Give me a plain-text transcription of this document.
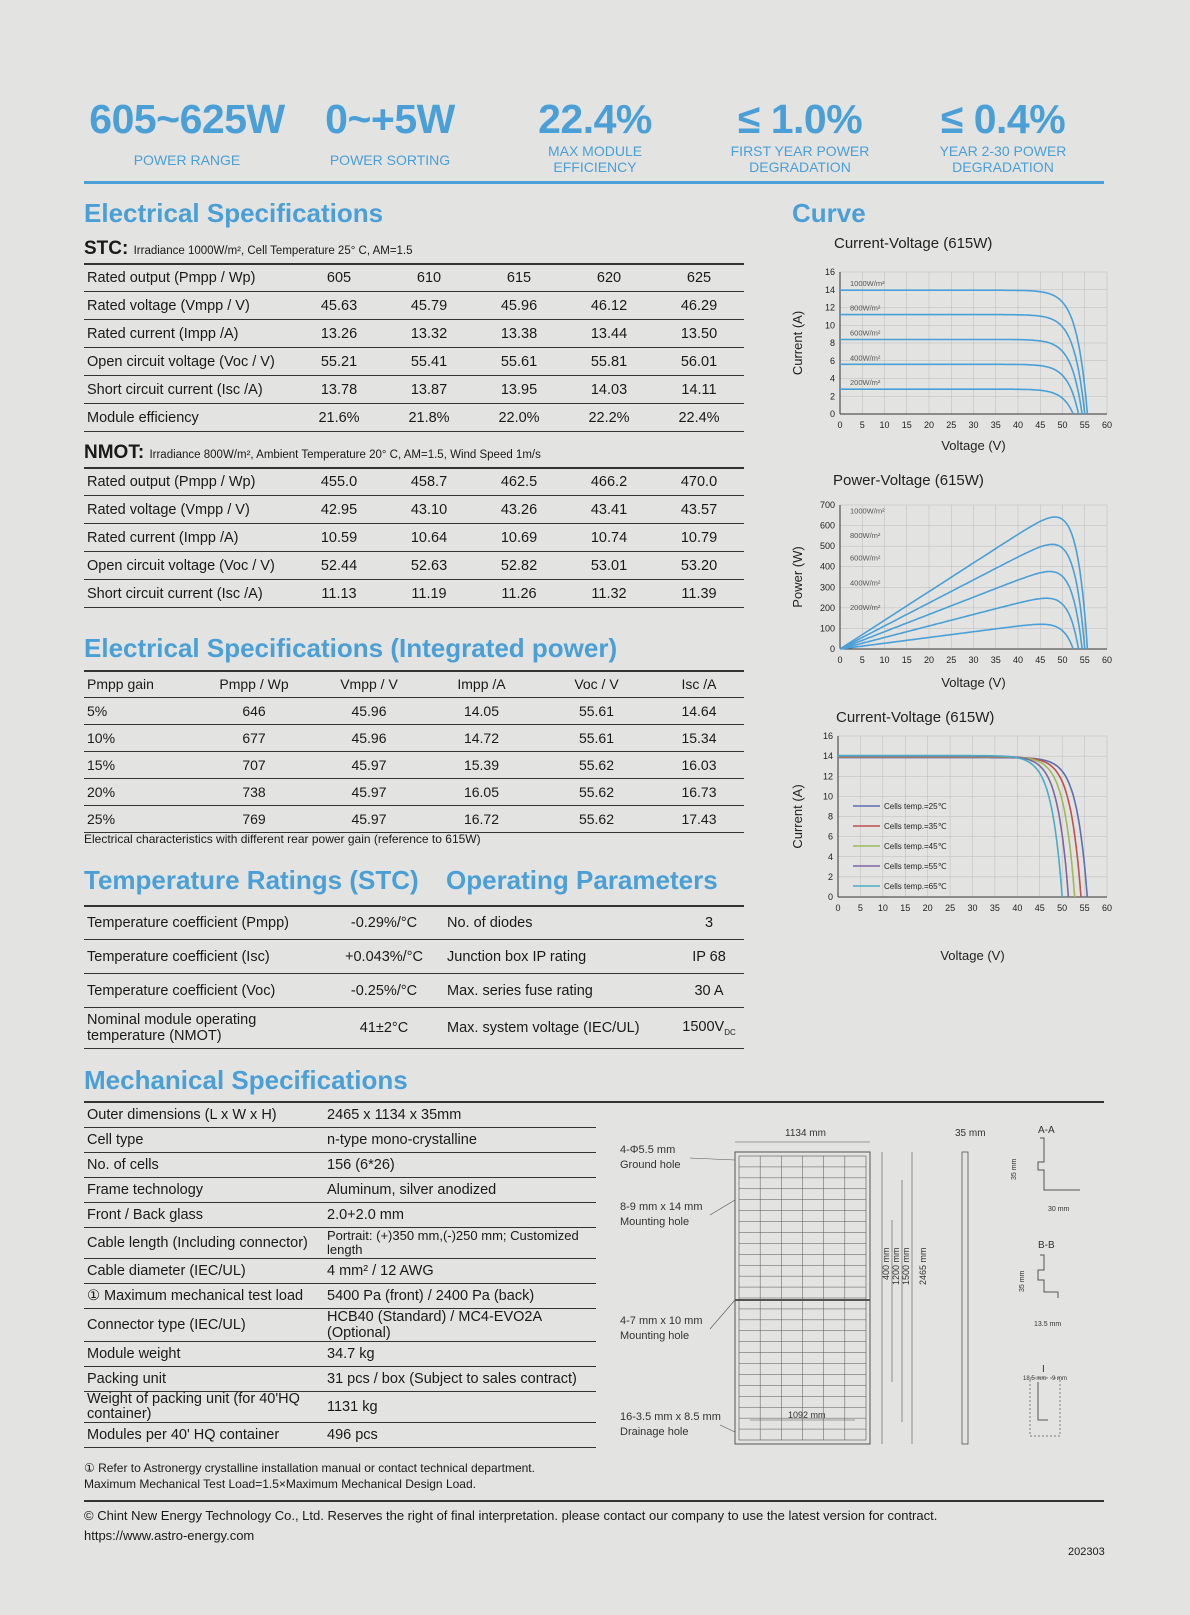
605~625W
POWER RANGE
0~+5W
POWER SORTING
22.4%
MAX MODULE EFFICIENCY
≤ 1.0%
FIRST YEAR POWER DEGRADATION
≤ 0.4%
YEAR 2-30 POWER DEGRADATION
Electrical Specifications
STC: Irradiance 1000W/m², Cell Temperature 25° C, AM=1.5
Rated output (Pmpp / Wp)	605	610	615	620	625
Rated voltage (Vmpp / V)	45.63	45.79	45.96	46.12	46.29
Rated current (Impp /A)	13.26	13.32	13.38	13.44	13.50
Open circuit voltage (Voc / V)	55.21	55.41	55.61	55.81	56.01
Short circuit current (Isc /A)	13.78	13.87	13.95	14.03	14.11
Module efficiency	21.6%	21.8%	22.0%	22.2%	22.4%
NMOT: Irradiance 800W/m², Ambient Temperature 20° C, AM=1.5, Wind Speed 1m/s
Rated output (Pmpp / Wp)	455.0	458.7	462.5	466.2	470.0
Rated voltage (Vmpp / V)	42.95	43.10	43.26	43.41	43.57
Rated current (Impp /A)	10.59	10.64	10.69	10.74	10.79
Open circuit voltage (Voc / V)	52.44	52.63	52.82	53.01	53.20
Short circuit current (Isc /A)	11.13	11.19	11.26	11.32	11.39
Electrical Specifications (Integrated power)
Pmpp gain	Pmpp / Wp	Vmpp / V	Impp /A	Voc / V	Isc /A
5%	646	45.96	14.05	55.61	14.64
10%	677	45.96	14.72	55.61	15.34
15%	707	45.97	15.39	55.62	16.03
20%	738	45.97	16.05	55.62	16.73
25%	769	45.97	16.72	55.62	17.43
Electrical characteristics with different rear power gain (reference to 615W)
Temperature Ratings (STC) Operating Parameters
Temperature coefficient (Pmpp)	-0.29%/°C
Temperature coefficient (Isc)	+0.043%/°C
Temperature coefficient (Voc)	-0.25%/°C
Nominal module operating temperature (NMOT)	41±2°C
No. of diodes	3
Junction box IP rating	IP 68
Max. series fuse rating	30 A
Max. system voltage (IEC/UL)	$1500V_{DC}$
Mechanical Specifications
Outer dimensions (L x W x H)	2465 x 1134 x 35mm
Cell type	n-type mono-crystalline
No. of cells	156 (6*26)
Frame technology	Aluminum, silver anodized
Front / Back glass	2.0+2.0 mm
Cable length (Including connector)	Portrait: (+)350 mm,(-)250 mm; Customized length
Cable diameter (IEC/UL)	4 mm² / 12 AWG
① Maximum mechanical test load	5400 Pa (front) / 2400 Pa (back)
Connector type (IEC/UL)	HCB40 (Standard) / MC4-EVO2A (Optional)
Module weight	34.7 kg
Packing unit	31 pcs / box (Subject to sales contract)
Weight of packing unit (for 40'HQ container)	1131 kg
Modules per 40' HQ container	496 pcs
① Refer to Astronergy crystalline installation manual or contact technical department.
Maximum Mechanical Test Load=1.5×Maximum Mechanical Design Load.
Curve
Current-Voltage (615W)
0
2
4
6
8
10
12
14
16
0 5 10 15 20 25 30 35 40 45 50 55 60
Voltage (V)
Current (A)
1000W/m²
800W/m²
600W/m²
400W/m²
200W/m²
Power-Voltage (615W)
0
100
200
300
400
500
600
700
0 5 10 15 20 25 30 35 40 45 50 55 60
Voltage (V)
Power (W)
1000W/m²
800W/m²
600W/m²
400W/m²
200W/m²
Current-Voltage (615W)
0
2
4
6
8
10
12
14
16
0 5 10 15 20 25 30 35 40 45 50 55 60
Voltage (V)
Current (A)	Cells temp.=25℃
Cells temp.=35℃
Cells temp.=45℃
Cells temp.=55℃
Cells temp.=65℃
1134 mm	35 mm	A-A
B-B
I
4-Φ5.5 mm
Ground hole
8-9 mm x 14 mm
Mounting hole
4-7 mm x 10 mm
Mounting hole
16-3.5 mm x 8.5 mm
Drainage hole
1092 mm
400 mm 1200 mm 1500 mm 2465 mm
35 mm
30 mm
35 mm
13.5 mm
18.5 mm 9 mm
© Chint New Energy Technology Co., Ltd. Reserves the right of final interpretation. please contact our company to use the latest version for contract.
https://www.astro-energy.com
202303
